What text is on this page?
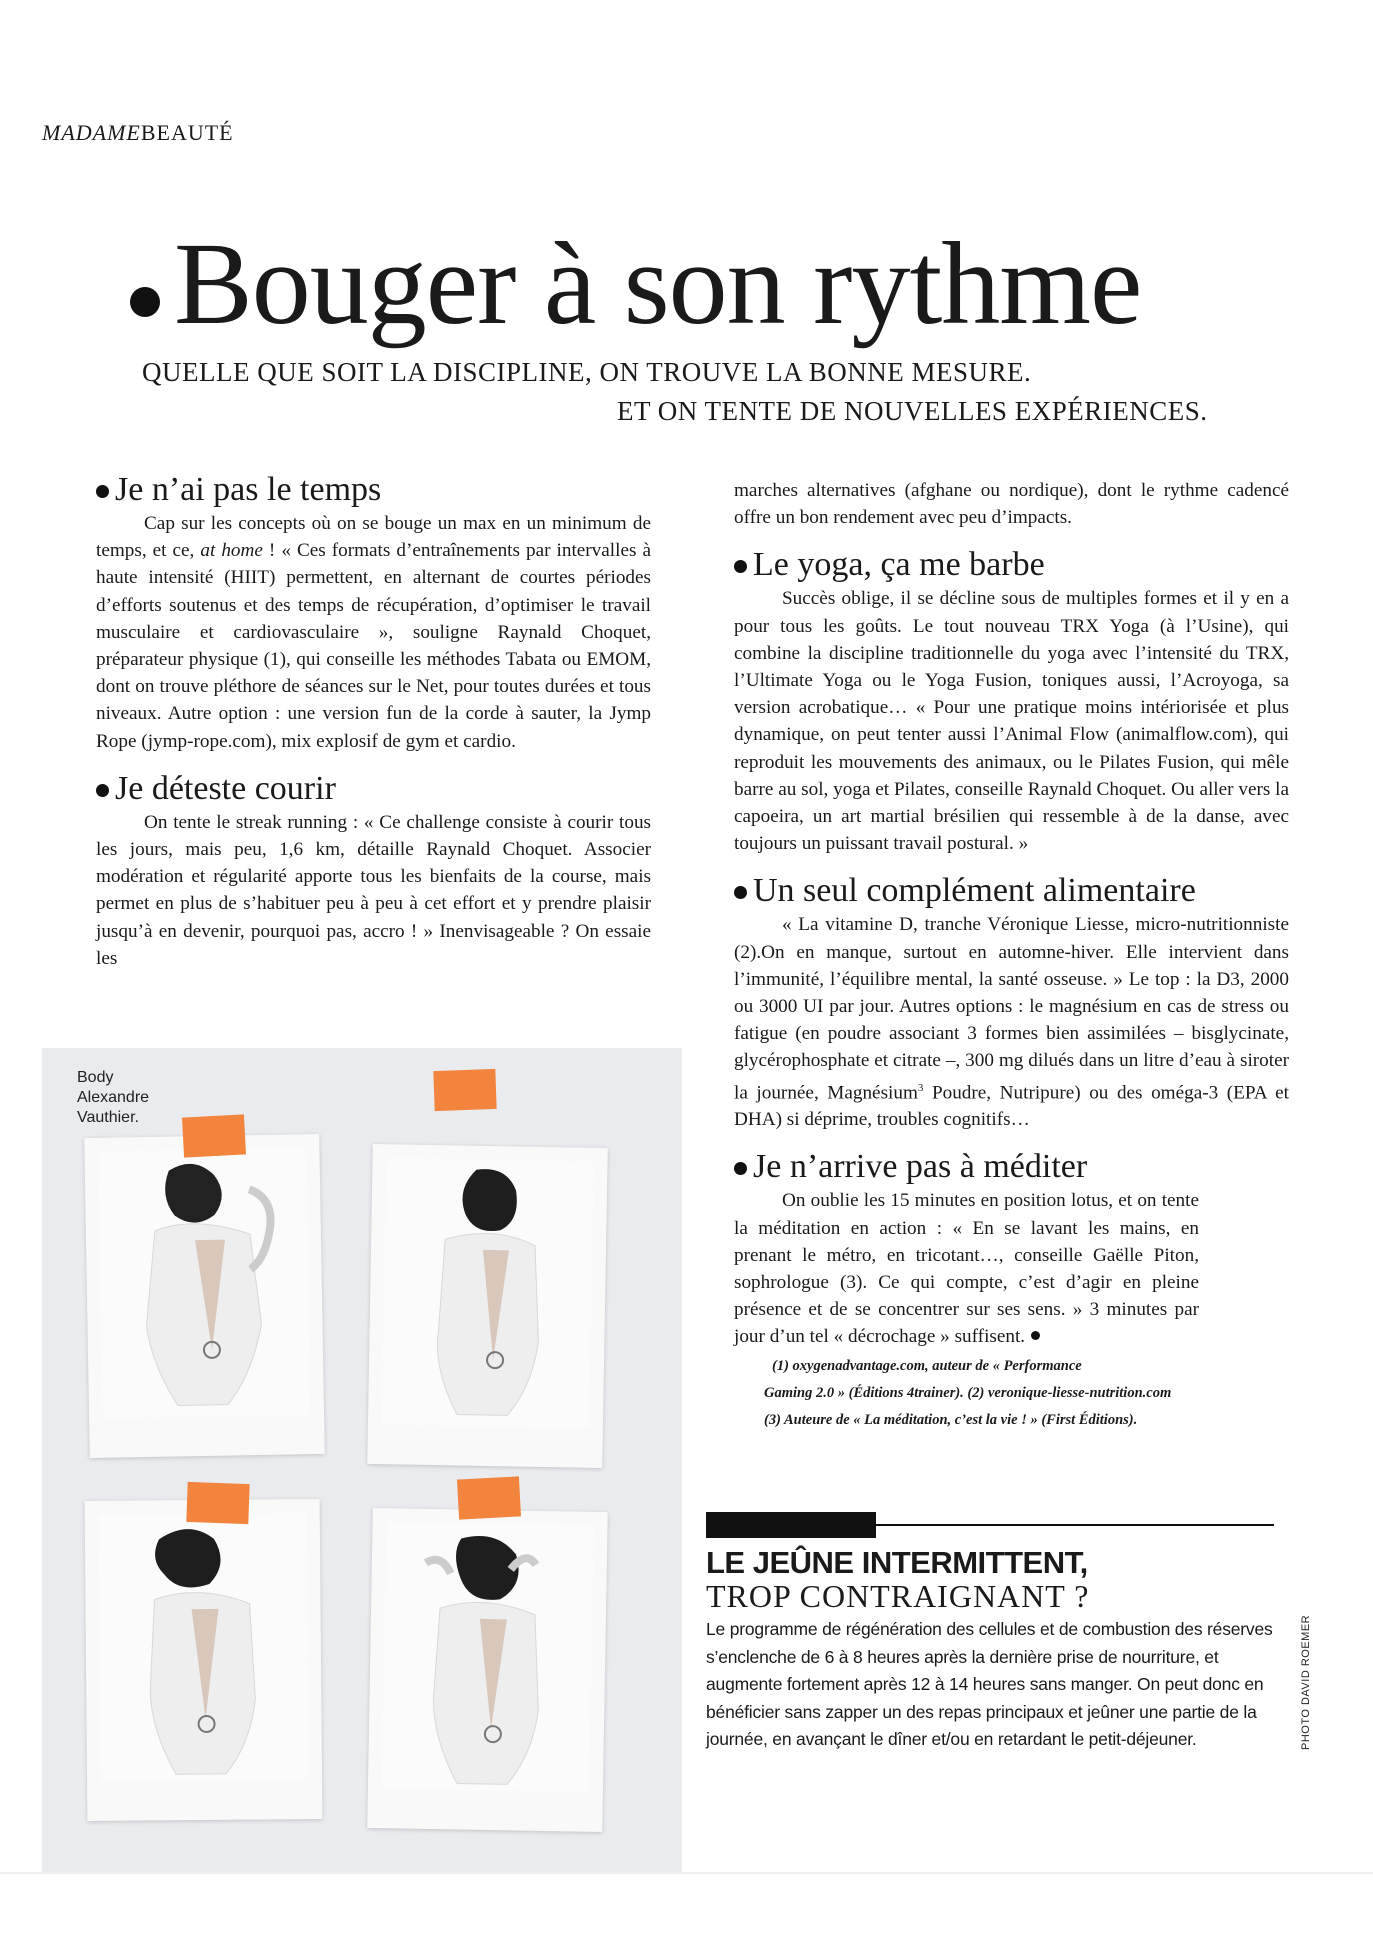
MADAMEBEAUTÉ
Bouger à son rythme
QUELLE QUE SOIT LA DISCIPLINE, ON TROUVE LA BONNE MESURE.
ET ON TENTE DE NOUVELLES EXPÉRIENCES.
Je n’ai pas le temps

Cap sur les concepts où on se bouge un max en un minimum de temps, et ce, at home ! « Ces formats d’entraînements par intervalles à haute intensité (HIIT) permettent, en alternant de courtes périodes d’efforts soutenus et des temps de récupération, d’optimiser le travail musculaire et cardiovasculaire », souligne Raynald Choquet, préparateur physique (1), qui conseille les méthodes Tabata ou EMOM, dont on trouve pléthore de séances sur le Net, pour toutes durées et tous niveaux. Autre option : une version fun de la corde à sauter, la Jymp Rope (jymp-rope.com), mix explosif de gym et cardio.

Je déteste courir

On tente le streak running : « Ce challenge consiste à courir tous les jours, mais peu, 1,6 km, détaille Raynald Choquet. Associer modération et régularité apporte tous les bienfaits de la course, mais permet en plus de s’habituer peu à peu à cet effort et y prendre plaisir jusqu’à en devenir, pourquoi pas, accro ! » Inenvisageable ? On essaie les

Body
Alexandre
Vauthier.

marches alternatives (afghane ou nordique), dont le rythme cadencé offre un bon rendement avec peu d’impacts.

Le yoga, ça me barbe

Succès oblige, il se décline sous de multiples formes et il y en a pour tous les goûts. Le tout nouveau TRX Yoga (à l’Usine), qui combine la discipline traditionnelle du yoga avec l’intensité du TRX, l’Ultimate Yoga ou le Yoga Fusion, toniques aussi, l’Acroyoga, sa version acrobatique… « Pour une pratique moins intériorisée et plus dynamique, on peut tenter aussi l’Animal Flow (animalflow.com), qui reproduit les mouvements des animaux, ou le Pilates Fusion, qui mêle barre au sol, yoga et Pilates, conseille Raynald Choquet. Ou aller vers la capoeira, un art martial brésilien qui ressemble à de la danse, avec toujours un puissant travail postural. »

Un seul complément alimentaire

« La vitamine D, tranche Véronique Liesse, micro-nutritionniste (2).On en manque, surtout en automne-hiver. Elle intervient dans l’immunité, l’équilibre mental, la santé osseuse. » Le top : la D3, 2000 ou 3000 UI par jour. Autres options : le magnésium en cas de stress ou fatigue (en poudre associant 3 formes bien assimilées – bisglycinate, glycérophosphate et citrate –, 300 mg dilués dans un litre d’eau à siroter la journée, Magnésium$^3$ Poudre, Nutripure) ou des oméga-3 (EPA et DHA) si déprime, troubles cognitifs…

Je n’arrive pas à méditer

On oublie les 15 minutes en position lotus, et on tente la méditation en action : « En se lavant les mains, en prenant le métro, en tricotant…, conseille Gaëlle Piton, sophrologue (3). Ce qui compte, c’est d’agir en pleine présence et de se concentrer sur ses sens. » 3 minutes par jour d’un tel « décrochage » suffisent.

(1) oxygenadvantage.com, auteur de « Performance
Gaming 2.0 » (Éditions 4trainer). (2) veronique-liesse-nutrition.com
(3) Auteure de « La méditation, c’est la vie ! » (First Éditions).
LE JEÛNE INTERMITTENT,
TROP CONTRAIGNANT ?

Le programme de régénération des cellules et de combustion des réserves s’enclenche de 6 à 8 heures après la dernière prise de nourriture, et augmente fortement après 12 à 14 heures sans manger. On peut donc en bénéficier sans zapper un des repas principaux et jeûner une partie de la journée, en avançant le dîner et/ou en retardant le petit-déjeuner.	PHOTO DAVID ROEMER
